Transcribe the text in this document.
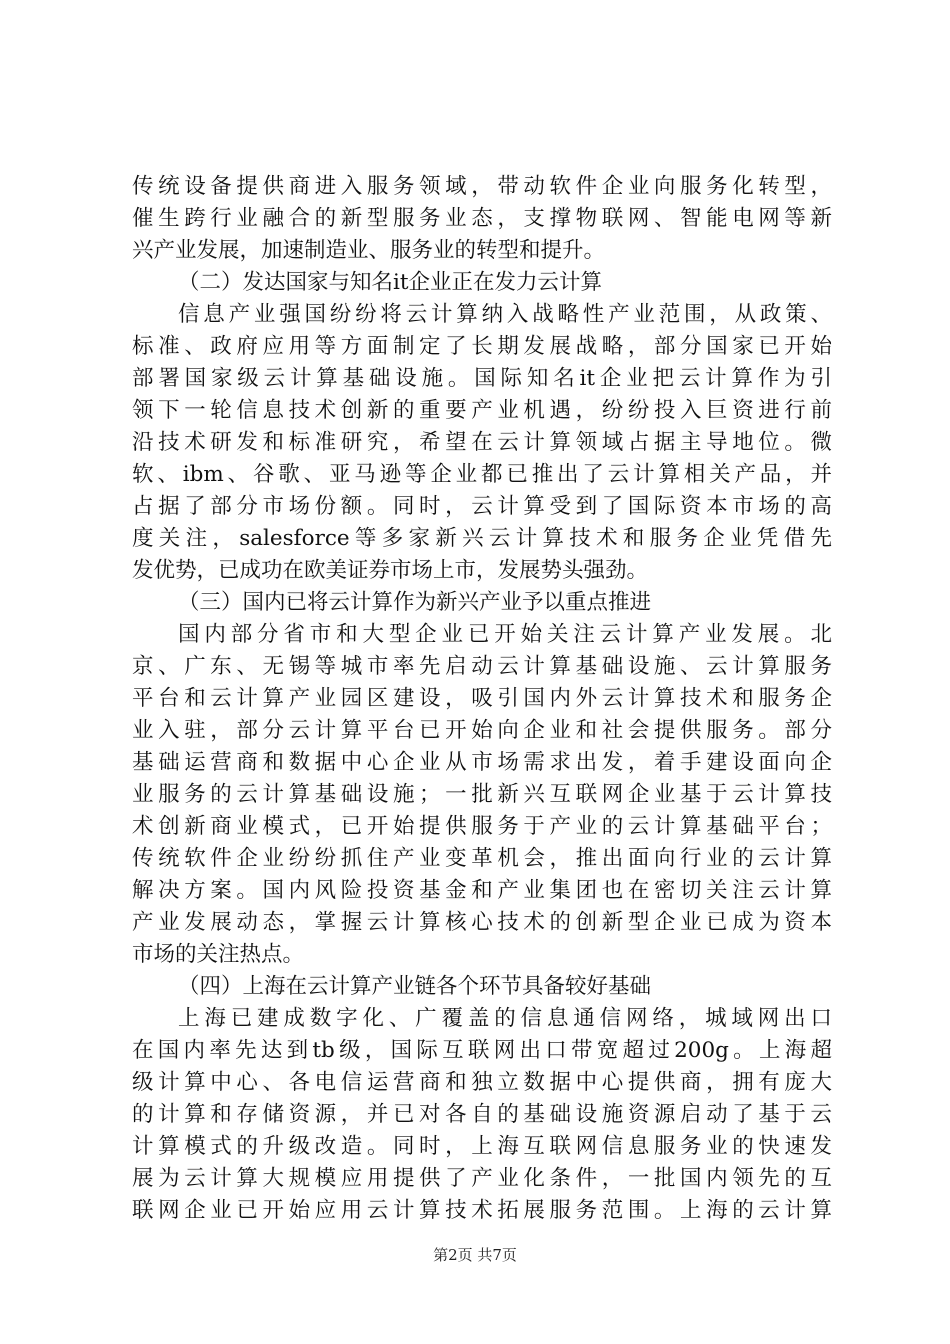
传统设备提供商进入服务领域，带动软件企业向服务化转型，
催生跨行业融合的新型服务业态，支撑物联网、智能电网等新
兴产业发展，加速制造业、服务业的转型和提升。
（二）发达国家与知名it企业正在发力云计算
信息产业强国纷纷将云计算纳入战略性产业范围，从政策、
标准、政府应用等方面制定了长期发展战略，部分国家已开始
部署国家级云计算基础设施。国际知名it企业把云计算作为引
领下一轮信息技术创新的重要产业机遇，纷纷投入巨资进行前
沿技术研发和标准研究，希望在云计算领域占据主导地位。微
软、ibm、谷歌、亚马逊等企业都已推出了云计算相关产品，并
占据了部分市场份额。同时，云计算受到了国际资本市场的高
度关注，salesforce等多家新兴云计算技术和服务企业凭借先
发优势，已成功在欧美证券市场上市，发展势头强劲。
（三）国内已将云计算作为新兴产业予以重点推进
国内部分省市和大型企业已开始关注云计算产业发展。北
京、广东、无锡等城市率先启动云计算基础设施、云计算服务
平台和云计算产业园区建设，吸引国内外云计算技术和服务企
业入驻，部分云计算平台已开始向企业和社会提供服务。部分
基础运营商和数据中心企业从市场需求出发，着手建设面向企
业服务的云计算基础设施；一批新兴互联网企业基于云计算技
术创新商业模式，已开始提供服务于产业的云计算基础平台；
传统软件企业纷纷抓住产业变革机会，推出面向行业的云计算
解决方案。国内风险投资基金和产业集团也在密切关注云计算
产业发展动态，掌握云计算核心技术的创新型企业已成为资本
市场的关注热点。
（四）上海在云计算产业链各个环节具备较好基础
上海已建成数字化、广覆盖的信息通信网络，城域网出口
在国内率先达到tb级，国际互联网出口带宽超过200g。上海超
级计算中心、各电信运营商和独立数据中心提供商，拥有庞大
的计算和存储资源，并已对各自的基础设施资源启动了基于云
计算模式的升级改造。同时，上海互联网信息服务业的快速发
展为云计算大规模应用提供了产业化条件，一批国内领先的互
联网企业已开始应用云计算技术拓展服务范围。上海的云计算
第2页 共7页
